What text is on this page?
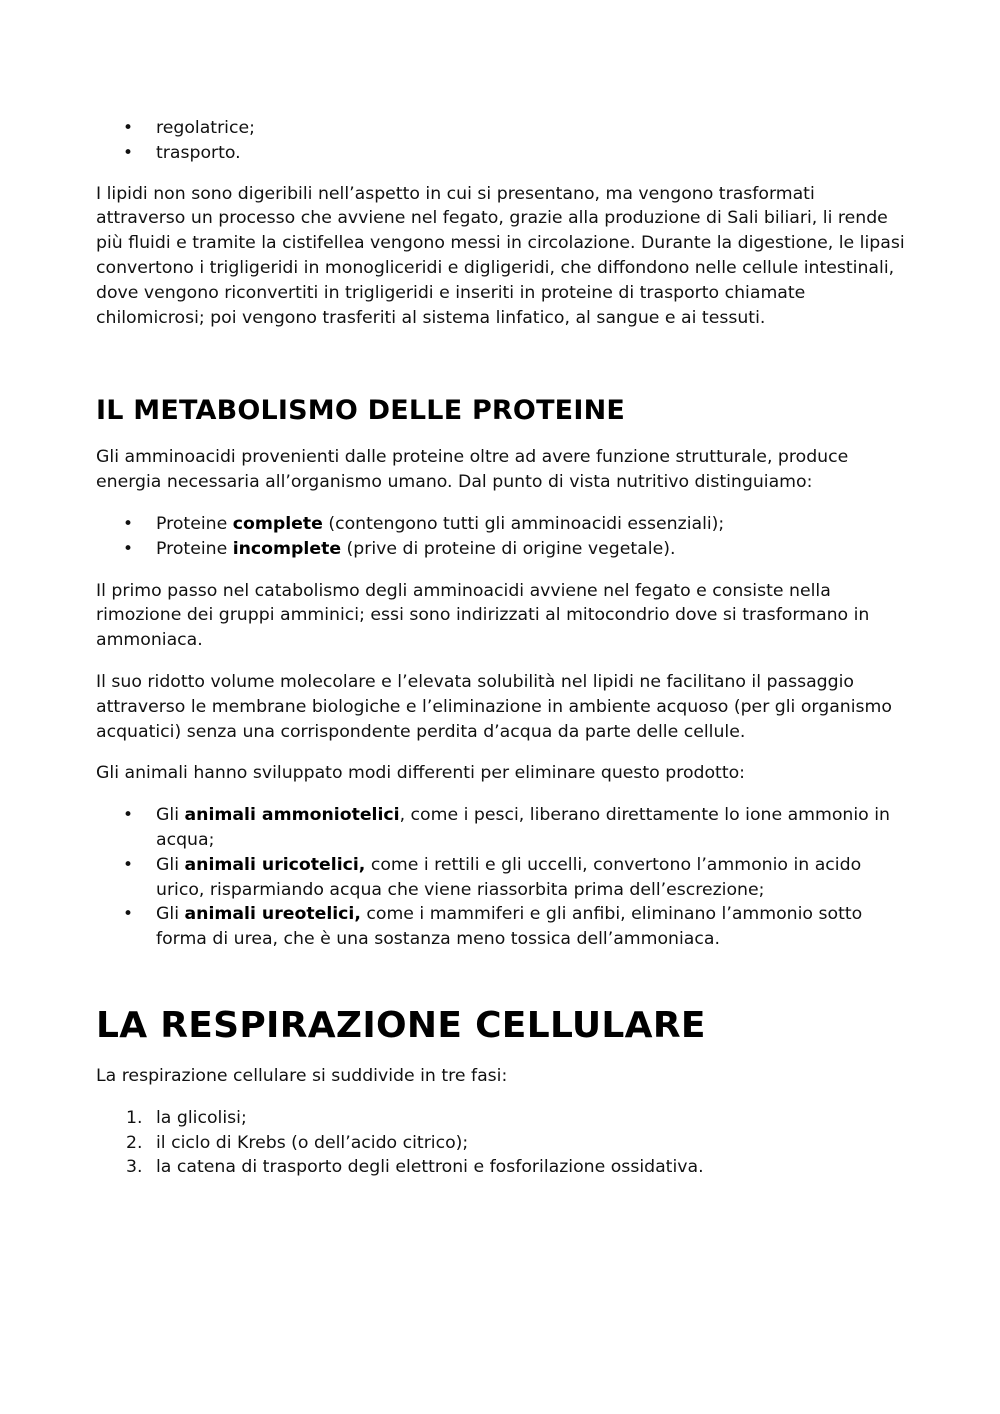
• regolatrice;
• trasporto.

I lipidi non sono digeribili nell’aspetto in cui si presentano, ma vengono trasformati attraverso un processo che avviene nel fegato, grazie alla produzione di Sali biliari, li rende più fluidi e tramite la cistifellea vengono messi in circolazione. Durante la digestione, le lipasi convertono i trigligeridi in monogliceridi e digligeridi, che diffondono nelle cellule intestinali, dove vengono riconvertiti in trigligeridi e inseriti in proteine di trasporto chiamate chilomicrosi; poi vengono trasferiti al sistema linfatico, al sangue e ai tessuti.

IL METABOLISMO DELLE PROTEINE

Gli amminoacidi provenienti dalle proteine oltre ad avere funzione strutturale, produce energia necessaria all’organismo umano. Dal punto di vista nutritivo distinguiamo:

• Proteine complete (contengono tutti gli amminoacidi essenziali);
• Proteine incomplete (prive di proteine di origine vegetale).

Il primo passo nel catabolismo degli amminoacidi avviene nel fegato e consiste nella rimozione dei gruppi amminici; essi sono indirizzati al mitocondrio dove si trasformano in ammoniaca.

Il suo ridotto volume molecolare e l’elevata solubilità nel lipidi ne facilitano il passaggio attraverso le membrane biologiche e l’eliminazione in ambiente acquoso (per gli organismo acquatici) senza una corrispondente perdita d’acqua da parte delle cellule.

Gli animali hanno sviluppato modi differenti per eliminare questo prodotto:

• Gli animali ammoniotelici, come i pesci, liberano direttamente lo ione ammonio in acqua;
• Gli animali uricotelici, come i rettili e gli uccelli, convertono l’ammonio in acido urico, risparmiando acqua che viene riassorbita prima dell’escrezione;
• Gli animali ureotelici, come i mammiferi e gli anfibi, eliminano l’ammonio sotto forma di urea, che è una sostanza meno tossica dell’ammoniaca.
LA RESPIRAZIONE CELLULARE

La respirazione cellulare si suddivide in tre fasi:

1. la glicolisi;
2. il ciclo di Krebs (o dell’acido citrico);
3. la catena di trasporto degli elettroni e fosforilazione ossidativa.
